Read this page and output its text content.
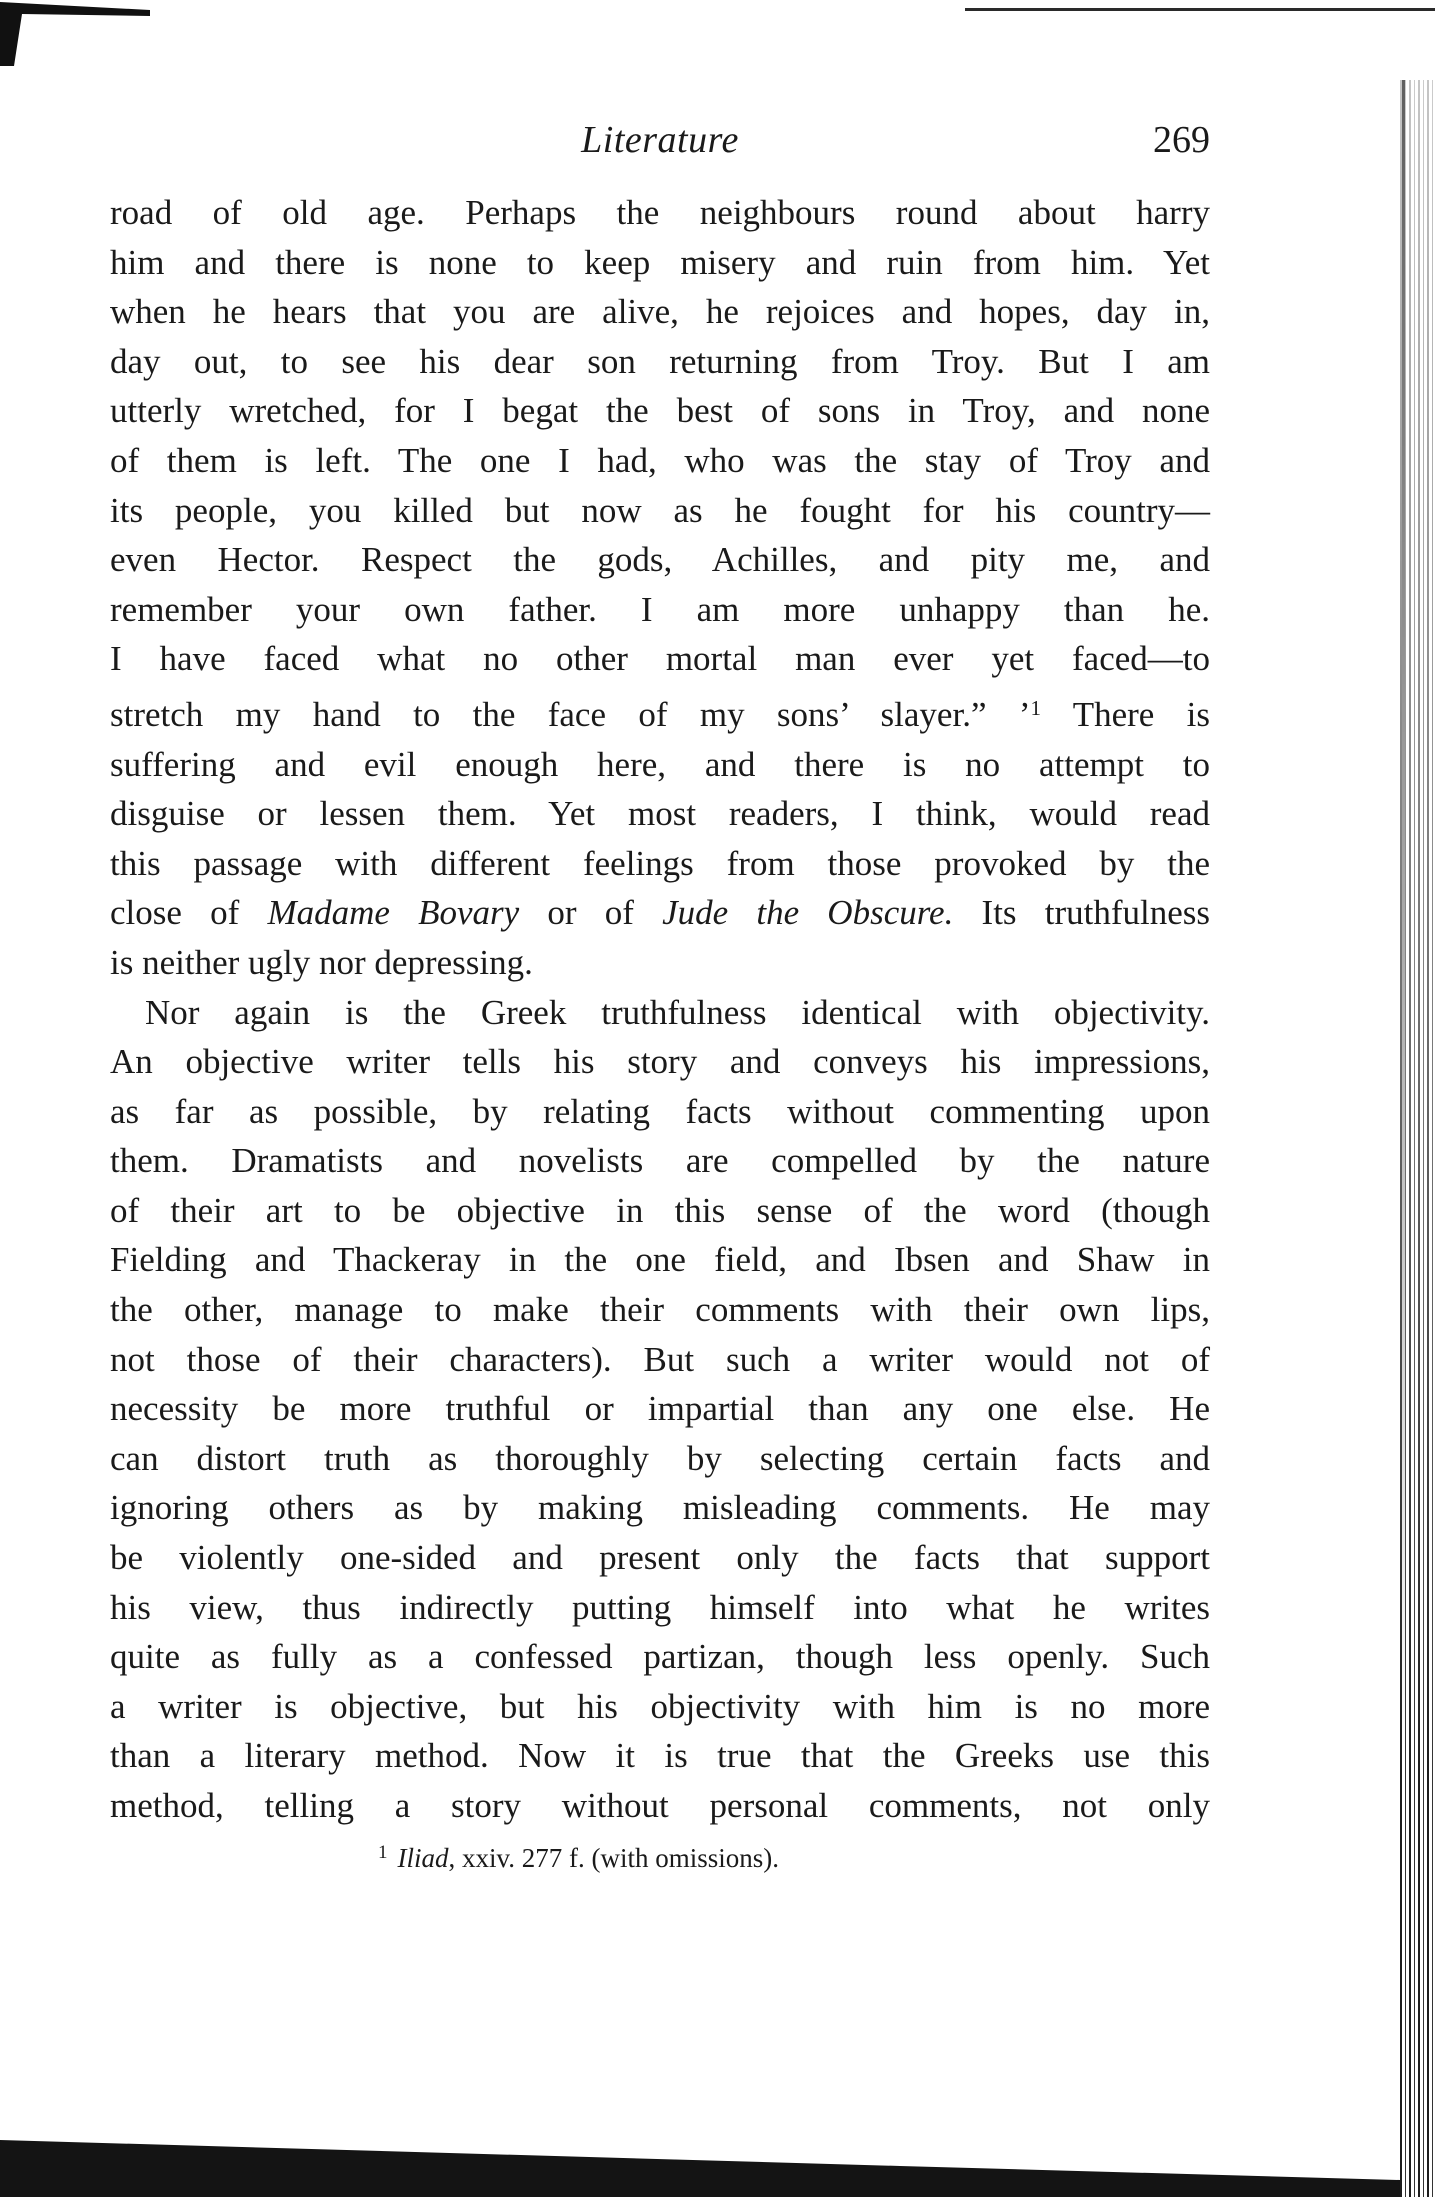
Literature	269
road of old age. Perhaps the neighbours round about harry
him and there is none to keep misery and ruin from him. Yet
when he hears that you are alive, he rejoices and hopes, day in,
day out, to see his dear son returning from Troy. But I am
utterly wretched, for I begat the best of sons in Troy, and none
of them is left. The one I had, who was the stay of Troy and
its people, you killed but now as he fought for his country—
even Hector. Respect the gods, Achilles, and pity me, and
remember your own father. I am more unhappy than he.
I have faced what no other mortal man ever yet faced—to
stretch my hand to the face of my sons’ slayer.” ’$^1$ There is
suffering and evil enough here, and there is no attempt to
disguise or lessen them. Yet most readers, I think, would read
this passage with different feelings from those provoked by the
close of Madame Bovary or of Jude the Obscure. Its truthfulness
is neither ugly nor depressing.
Nor again is the Greek truthfulness identical with objectivity.
An objective writer tells his story and conveys his impressions,
as far as possible, by relating facts without commenting upon
them. Dramatists and novelists are compelled by the nature
of their art to be objective in this sense of the word (though
Fielding and Thackeray in the one field, and Ibsen and Shaw in
the other, manage to make their comments with their own lips,
not those of their characters). But such a writer would not of
necessity be more truthful or impartial than any one else. He
can distort truth as thoroughly by selecting certain facts and
ignoring others as by making misleading comments. He may
be violently one-sided and present only the facts that support
his view, thus indirectly putting himself into what he writes
quite as fully as a confessed partizan, though less openly. Such
a writer is objective, but his objectivity with him is no more
than a literary method. Now it is true that the Greeks use this
method, telling a story without personal comments, not only
$^1$ Iliad, xxiv. 277 f. (with omissions).
